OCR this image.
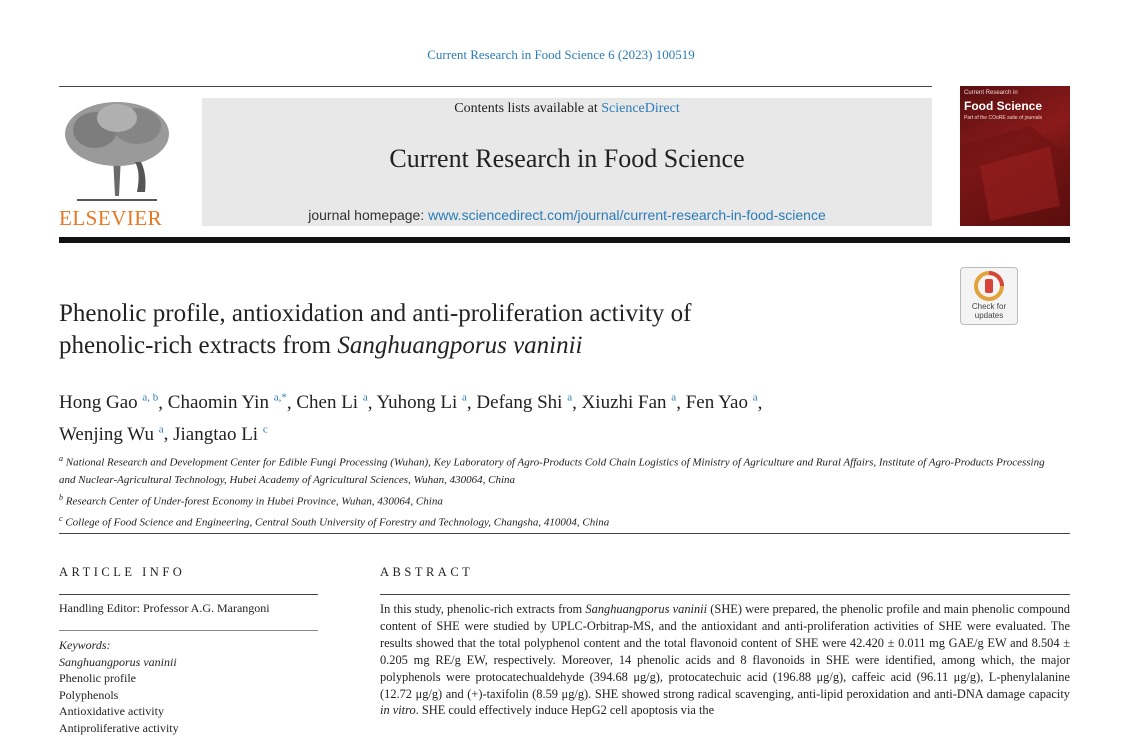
Current Research in Food Science 6 (2023) 100519
ELSEVIER
Contents lists available at ScienceDirect
Current Research in Food Science
journal homepage: www.sciencedirect.com/journal/current-research-in-food-science
Current Research in
Food Science
Part of the COoRE suite of journals
Check for
updates
Phenolic profile, antioxidation and anti-proliferation activity of
phenolic-rich extracts from Sanghuangporus vaninii
Hong Gao $^{a, b}$, Chaomin Yin $^{a,*}$, Chen Li $^a$, Yuhong Li $^a$, Defang Shi $^a$, Xiuzhi Fan $^a$, Fen Yao $^a$,
Wenjing Wu $^a$, Jiangtao Li $^c$
$^a$ National Research and Development Center for Edible Fungi Processing (Wuhan), Key Laboratory of Agro-Products Cold Chain Logistics of Ministry of Agriculture and Rural Affairs, Institute of Agro-Products Processing and Nuclear-Agricultural Technology, Hubei Academy of Agricultural Sciences, Wuhan, 430064, China
$^b$ Research Center of Under-forest Economy in Hubei Province, Wuhan, 430064, China
$^c$ College of Food Science and Engineering, Central South University of Forestry and Technology, Changsha, 410004, China
ARTICLE INFO	ABSTRACT
Handling Editor: Professor A.G. Marangoni
Keywords:
Sanghuangporus vaninii
Phenolic profile
Polyphenols
Antioxidative activity
Antiproliferative activity
In this study, phenolic-rich extracts from Sanghuangporus vaninii (SHE) were prepared, the phenolic profile and main phenolic compound content of SHE were studied by UPLC-Orbitrap-MS, and the antioxidant and anti-proliferation activities of SHE were evaluated. The results showed that the total polyphenol content and the total flavonoid content of SHE were 42.420 ± 0.011 mg GAE/g EW and 8.504 ± 0.205 mg RE/g EW, respectively. Moreover, 14 phenolic acids and 8 flavonoids in SHE were identified, among which, the major polyphenols were protocatechualdehyde (394.68 μg/g), protocatechuic acid (196.88 μg/g), caffeic acid (96.11 μg/g), L-phenylalanine (12.72 μg/g) and (+)-taxifolin (8.59 μg/g). SHE showed strong radical scavenging, anti-lipid peroxidation and anti-DNA damage capacity in vitro. SHE could effectively induce HepG2 cell apoptosis via the
